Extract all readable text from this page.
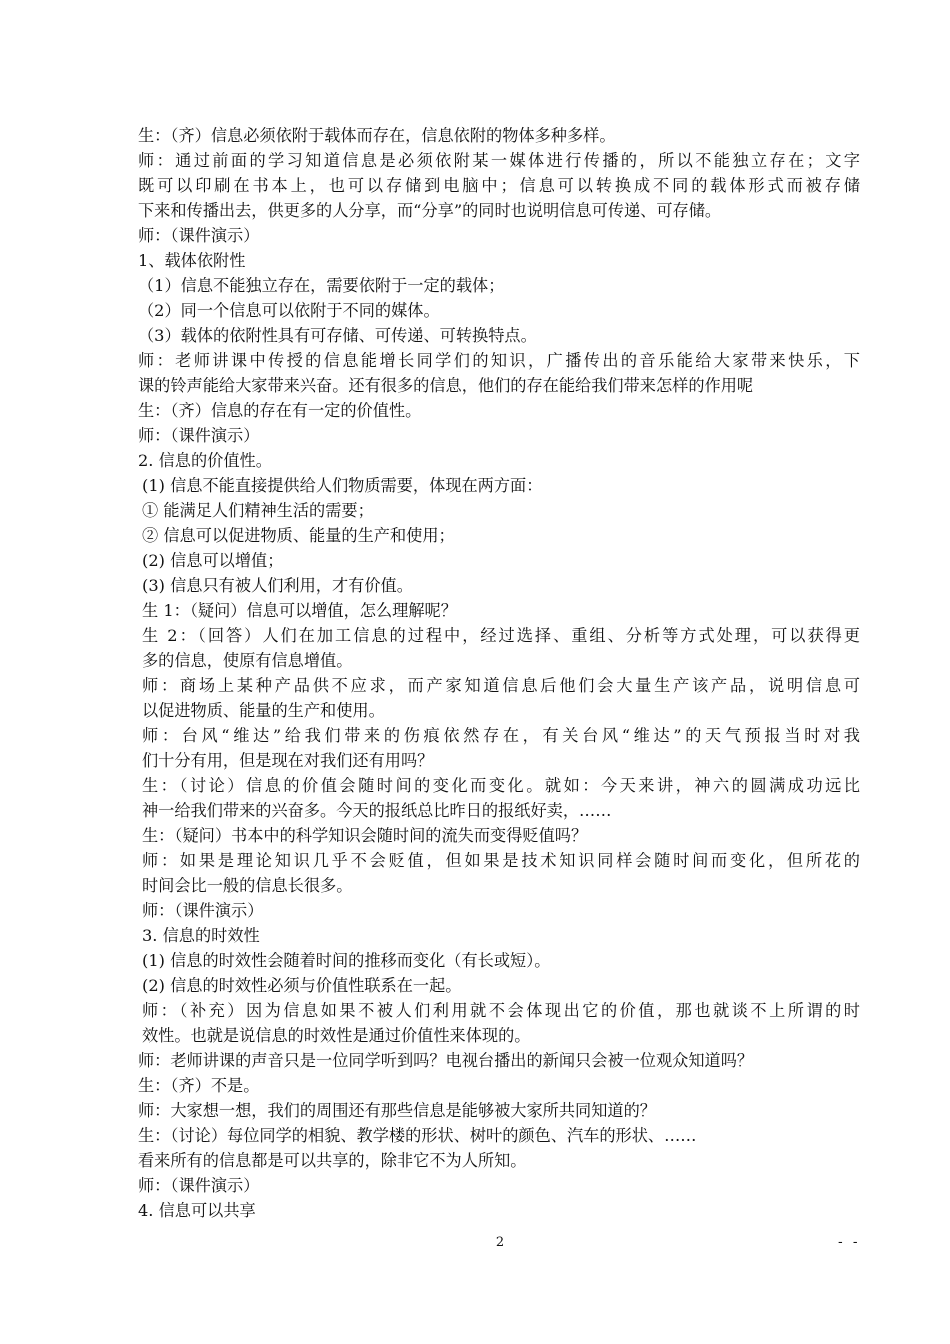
生：（齐）信息必须依附于载体而存在，信息依附的物体多种多样。
师：通过前面的学习知道信息是必须依附某一媒体进行传播的，所以不能独立存在；文字
既可以印刷在书本上，也可以存储到电脑中；信息可以转换成不同的载体形式而被存储
下来和传播出去，供更多的人分享，而“分享”的同时也说明信息可传递、可存储。
师：（课件演示）
1、载体依附性
（1）信息不能独立存在，需要依附于一定的载体；
（2）同一个信息可以依附于不同的媒体。
（3）载体的依附性具有可存储、可传递、可转换特点。
师：老师讲课中传授的信息能增长同学们的知识，广播传出的音乐能给大家带来快乐，下
课的铃声能给大家带来兴奋。还有很多的信息，他们的存在能给我们带来怎样的作用呢
生：（齐）信息的存在有一定的价值性。
师：（课件演示）
2. 信息的价值性。
(1) 信息不能直接提供给人们物质需要，体现在两方面：
① 能满足人们精神生活的需要；
② 信息可以促进物质、能量的生产和使用；
(2) 信息可以增值；
(3) 信息只有被人们利用，才有价值。
生 1：（疑问）信息可以增值，怎么理解呢？
生 2：（回答）人们在加工信息的过程中，经过选择、重组、分析等方式处理，可以获得更
多的信息，使原有信息增值。
师：商场上某种产品供不应求，而产家知道信息后他们会大量生产该产品，说明信息可
以促进物质、能量的生产和使用。
师：台风“维达”给我们带来的伤痕依然存在，有关台风“维达”的天气预报当时对我
们十分有用，但是现在对我们还有用吗？
生：（讨论）信息的价值会随时间的变化而变化。就如：今天来讲，神六的圆满成功远比
神一给我们带来的兴奋多。今天的报纸总比昨日的报纸好卖，……
生：（疑问）书本中的科学知识会随时间的流失而变得贬值吗？
师：如果是理论知识几乎不会贬值，但如果是技术知识同样会随时间而变化，但所花的
时间会比一般的信息长很多。
师：（课件演示）
3. 信息的时效性
(1) 信息的时效性会随着时间的推移而变化（有长或短）。
(2) 信息的时效性必须与价值性联系在一起。
师：（补充）因为信息如果不被人们利用就不会体现出它的价值，那也就谈不上所谓的时
效性。也就是说信息的时效性是通过价值性来体现的。
师：老师讲课的声音只是一位同学听到吗？电视台播出的新闻只会被一位观众知道吗？
生：（齐）不是。
师：大家想一想，我们的周围还有那些信息是能够被大家所共同知道的？
生：（讨论）每位同学的相貌、教学楼的形状、树叶的颜色、汽车的形状、……
看来所有的信息都是可以共享的，除非它不为人所知。
师：（课件演示）
4. 信息可以共享
2	- -
